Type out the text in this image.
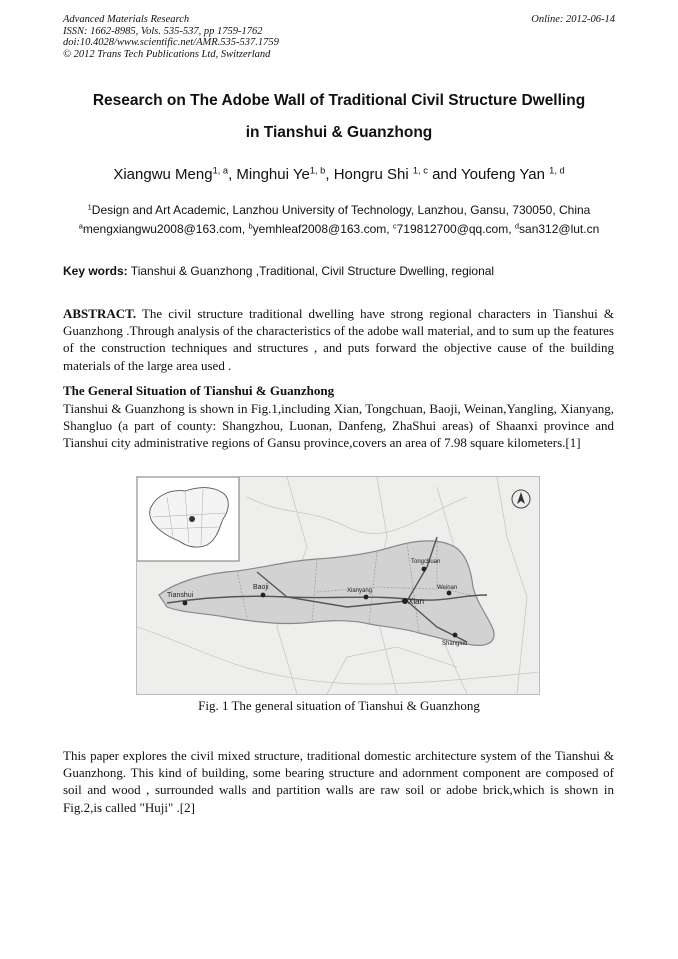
Advanced Materials Research
ISSN: 1662-8985, Vols. 535-537, pp 1759-1762
doi:10.4028/www.scientific.net/AMR.535-537.1759
© 2012 Trans Tech Publications Ltd, Switzerland
Online: 2012-06-14
Research on The Adobe Wall of Traditional Civil Structure Dwelling
in Tianshui & Guanzhong
Xiangwu Meng$^{1, a}$, Minghui Ye$^{1, b}$, Hongru Shi $^{1, c}$ and Youfeng Yan $^{1, d}$
$^1$Design and Art Academic, Lanzhou University of Technology, Lanzhou, Gansu, 730050, China
$^a$mengxiangwu2008@163.com, $^b$yemhleaf2008@163.com, $^c$719812700@qq.com, $^d$san312@lut.cn
Key words: Tianshui & Guanzhong ,Traditional, Civil Structure Dwelling, regional
ABSTRACT. The civil structure traditional dwelling have strong regional characters in Tianshui & Guanzhong .Through analysis of the characteristics of the adobe wall material, and to sum up the features of the construction techniques and structures , and puts forward the objective cause of the building materials of the large area used .
The General Situation of Tianshui & Guanzhong
Tianshui & Guanzhong is shown in Fig.1,including Xian, Tongchuan, Baoji, Weinan,Yangling, Xianyang, Shangluo (a part of county: Shangzhou, Luonan, Danfeng, ZhaShui areas) of Shaanxi province and Tianshui city administrative regions of Gansu province,covers an area of 7.98 square kilometers.[1]
Tianshui
Baoji	Xianyang
Xian
Tongchuan
Weinan
Shangluo
Fig. 1 The general situation of Tianshui & Guanzhong
This paper explores the civil mixed structure, traditional domestic architecture system of the Tianshui & Guanzhong. This kind of building, some bearing structure and adornment component are composed of soil and wood , surrounded walls and partition walls are raw soil or adobe brick,which is shown in Fig.2,is called "Huji" .[2]
